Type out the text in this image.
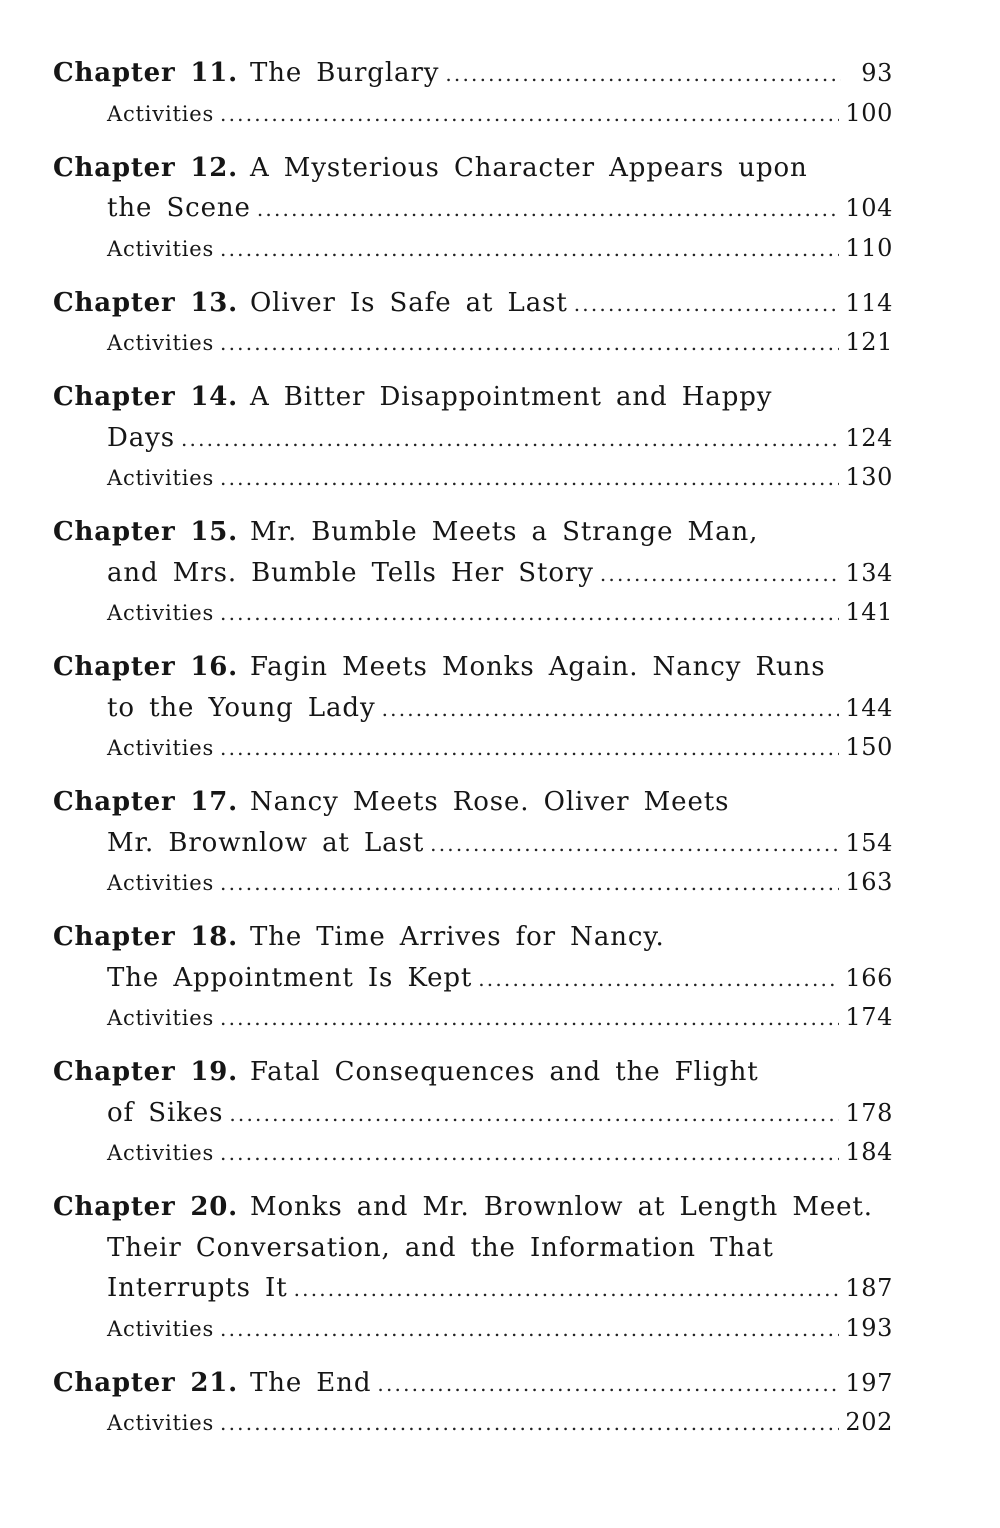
Chapter 11. The Burglary .....	93
Activities .....	100
Chapter 12. A Mysterious Character Appears upon
the Scene .....	104
Activities .....	110
Chapter 13. Oliver Is Safe at Last .....	114
Activities .....	121
Chapter 14. A Bitter Disappointment and Happy
Days .....	124
Activities .....	130
Chapter 15. Mr. Bumble Meets a Strange Man,
and Mrs. Bumble Tells Her Story .....	134
Activities .....	141
Chapter 16. Fagin Meets Monks Again. Nancy Runs
to the Young Lady .....	144
Activities .....	150
Chapter 17. Nancy Meets Rose. Oliver Meets
Mr. Brownlow at Last .....	154
Activities .....	163
Chapter 18. The Time Arrives for Nancy.
The Appointment Is Kept .....	166
Activities .....	174
Chapter 19. Fatal Consequences and the Flight
of Sikes .....	178
Activities .....	184
Chapter 20. Monks and Mr. Brownlow at Length Meet.
Their Conversation, and the Information That
Interrupts It .....	187
Activities .....	193
Chapter 21. The End .....	197
Activities .....	202
